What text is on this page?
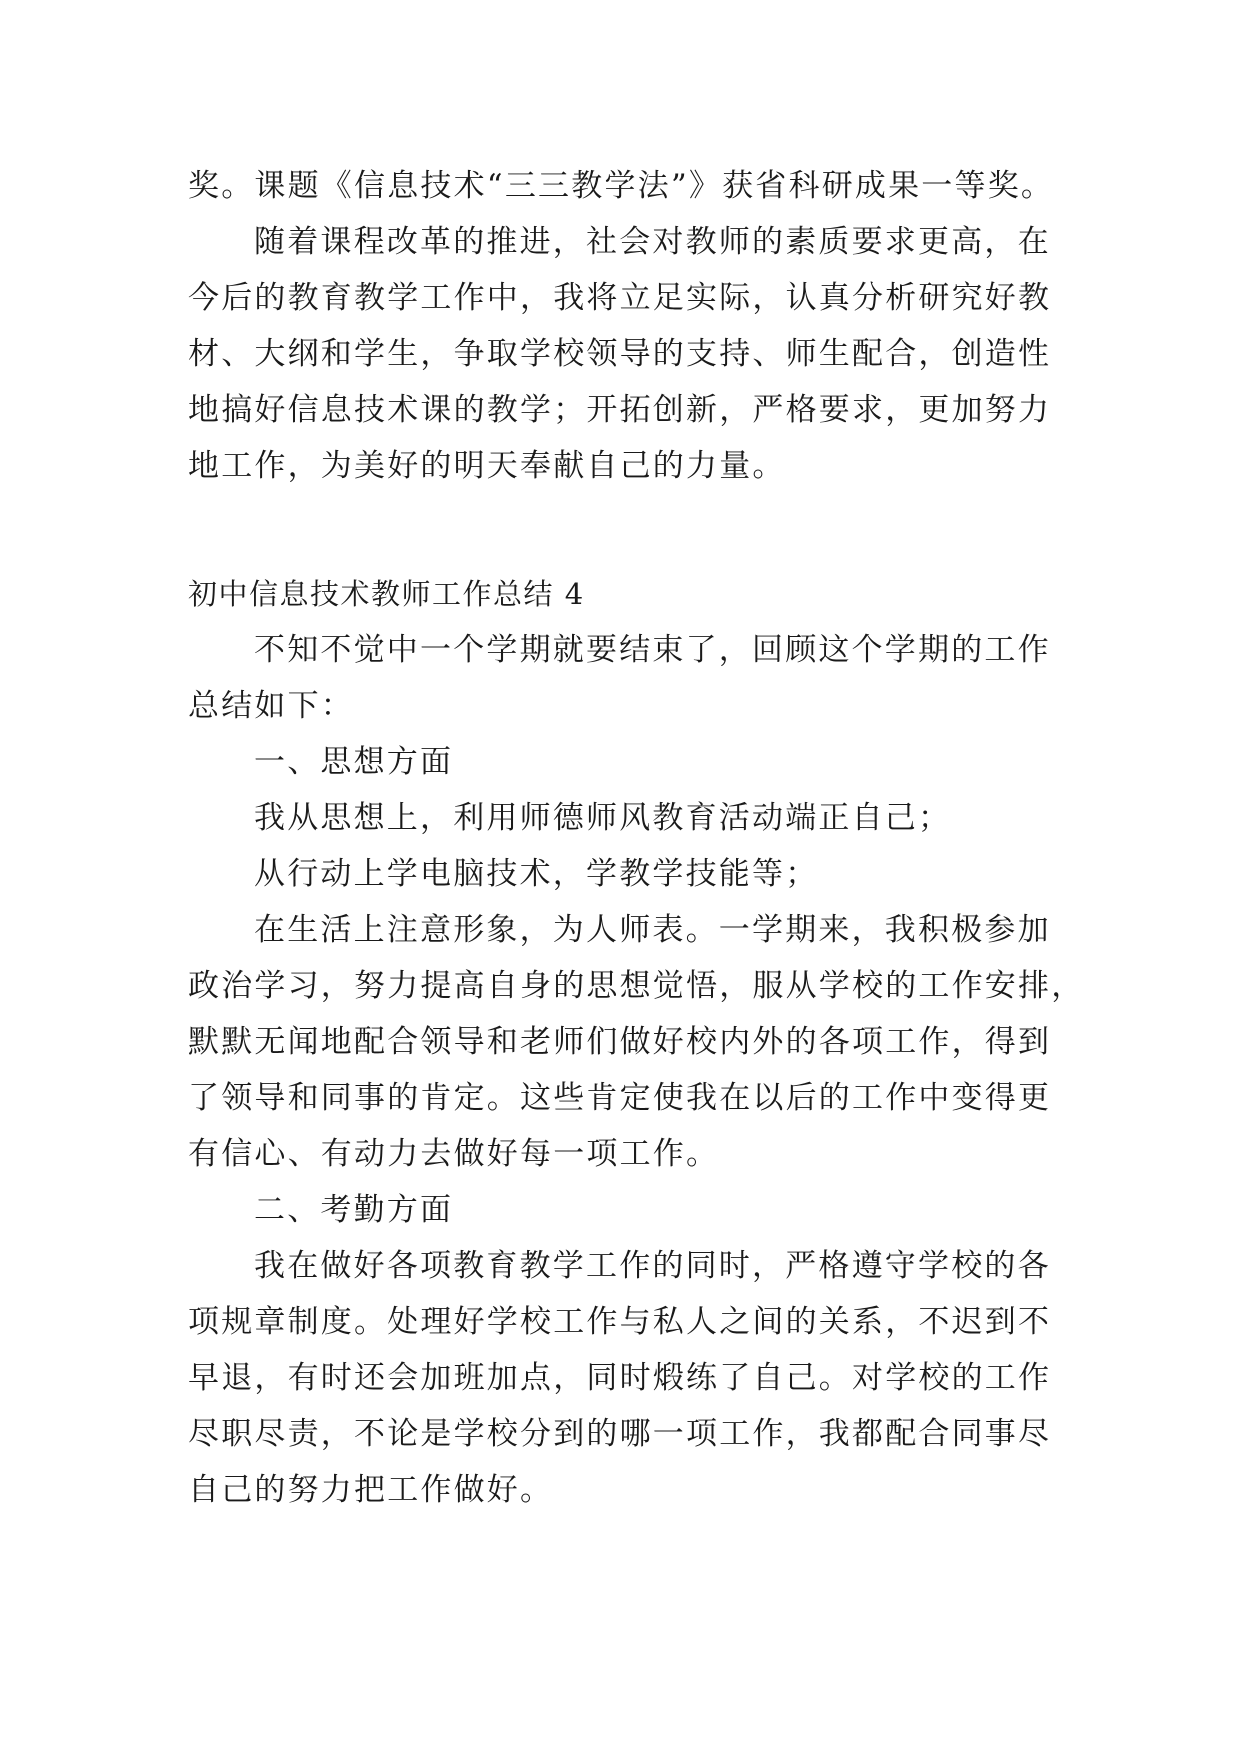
奖。课题《信息技术“三三教学法”》获省科研成果一等奖。
随着课程改革的推进，社会对教师的素质要求更高，在
今后的教育教学工作中，我将立足实际，认真分析研究好教
材、大纲和学生，争取学校领导的支持、师生配合，创造性
地搞好信息技术课的教学；开拓创新，严格要求，更加努力
地工作，为美好的明天奉献自己的力量。
初中信息技术教师工作总结 4
不知不觉中一个学期就要结束了，回顾这个学期的工作
总结如下：
一、思想方面
我从思想上，利用师德师风教育活动端正自己；
从行动上学电脑技术，学教学技能等；
在生活上注意形象，为人师表。一学期来，我积极参加
政治学习，努力提高自身的思想觉悟，服从学校的工作安排，
默默无闻地配合领导和老师们做好校内外的各项工作，得到
了领导和同事的肯定。这些肯定使我在以后的工作中变得更
有信心、有动力去做好每一项工作。
二、考勤方面
我在做好各项教育教学工作的同时，严格遵守学校的各
项规章制度。处理好学校工作与私人之间的关系，不迟到不
早退，有时还会加班加点，同时煅练了自己。对学校的工作
尽职尽责，不论是学校分到的哪一项工作，我都配合同事尽
自己的努力把工作做好。
